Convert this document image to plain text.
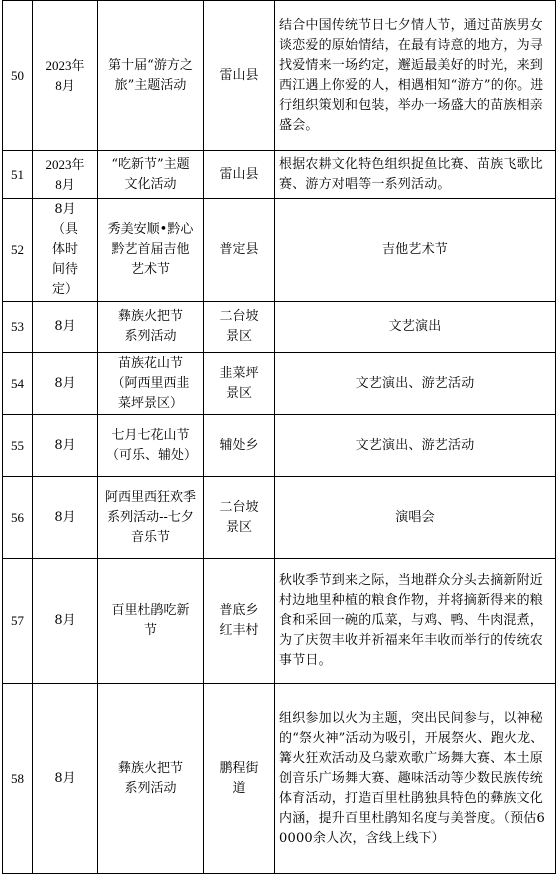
50	2023年8月	第十届“游方之旅”主题活动	雷山县	结合中国传统节日七夕情人节，通过苗族男女谈恋爱的原始情结，在最有诗意的地方，为寻找爱情来一场约定，邂逅最美好的时光，来到西江遇上你爱的人，相遇相知“游方”的你。进行组织策划和包装，举办一场盛大的苗族相亲盛会。
51	2023年8月	“吃新节”主题文化活动	雷山县	根据农耕文化特色组织捉鱼比赛、苗族飞歌比赛、游方对唱等一系列活动。
52	8月（具体时间待定）	秀美安顺•黔心黔艺首届吉他艺术节	普定县	吉他艺术节
53	8月	彝族火把节系列活动	二台坡景区	文艺演出
54	8月	苗族花山节（阿西里西韭菜坪景区）	韭菜坪景区	文艺演出、游艺活动
55	8月	七月七花山节（可乐、辅处）	辅处乡	文艺演出、游艺活动
56	8月	阿西里西狂欢季系列活动--七夕音乐节	二台坡景区	演唱会
57	8月	百里杜鹃吃新节	普底乡红丰村	秋收季节到来之际，当地群众分头去摘新附近村边地里种植的粮食作物，并将摘新得来的粮食和采回一碗的瓜菜，与鸡、鸭、牛肉混煮，为了庆贺丰收并祈福来年丰收而举行的传统农事节日。
58	8月	彝族火把节系列活动	鹏程街道	组织参加以火为主题，突出民间参与，以神秘的“祭火神”活动为吸引，开展祭火、跑火龙、篝火狂欢活动及乌蒙欢歌广场舞大赛、本土原创音乐广场舞大赛、趣味活动等少数民族传统体育活动，打造百里杜鹃独具特色的彝族文化内涵，提升百里杜鹃知名度与美誉度。（预估60000余人次，含线上线下）
